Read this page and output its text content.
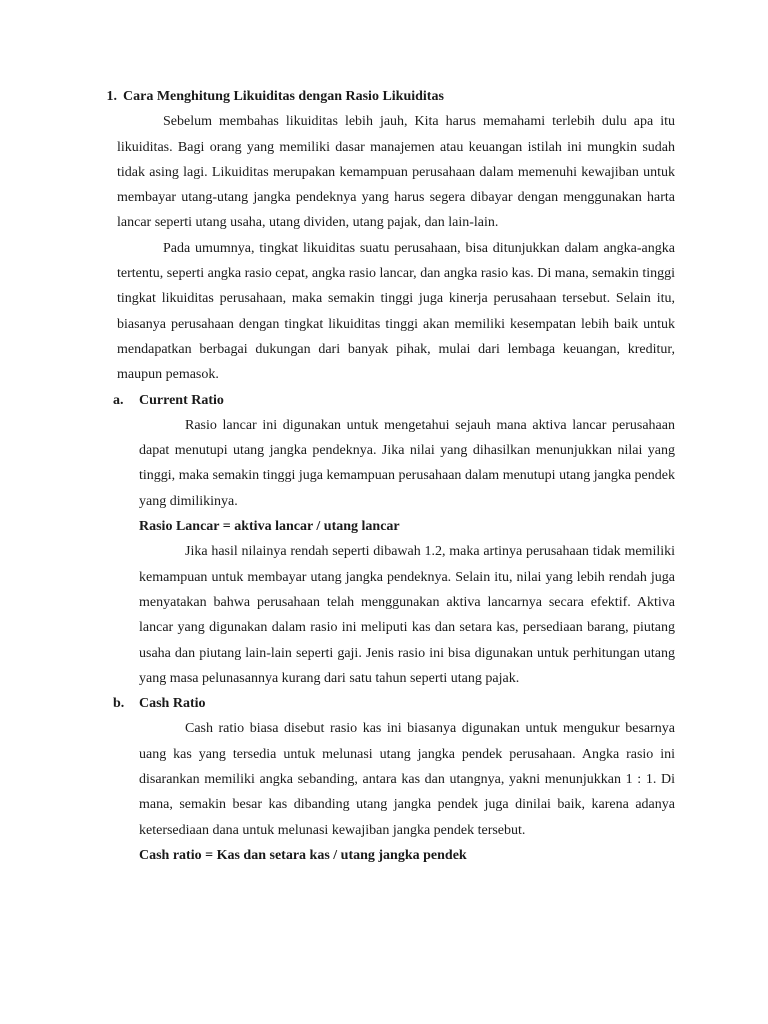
1. Cara Menghitung Likuiditas dengan Rasio Likuiditas

Sebelum membahas likuiditas lebih jauh, Kita harus memahami terlebih dulu apa itu likuiditas. Bagi orang yang memiliki dasar manajemen atau keuangan istilah ini mungkin sudah tidak asing lagi. Likuiditas merupakan kemampuan perusahaan dalam memenuhi kewajiban untuk membayar utang-utang jangka pendeknya yang harus segera dibayar dengan menggunakan harta lancar seperti utang usaha, utang dividen, utang pajak, dan lain-lain.

Pada umumnya, tingkat likuiditas suatu perusahaan, bisa ditunjukkan dalam angka-angka tertentu, seperti angka rasio cepat, angka rasio lancar, dan angka rasio kas. Di mana, semakin tinggi tingkat likuiditas perusahaan, maka semakin tinggi juga kinerja perusahaan tersebut. Selain itu, biasanya perusahaan dengan tingkat likuiditas tinggi akan memiliki kesempatan lebih baik untuk mendapatkan berbagai dukungan dari banyak pihak, mulai dari lembaga keuangan, kreditur, maupun pemasok.

a.	Current Ratio

Rasio lancar ini digunakan untuk mengetahui sejauh mana aktiva lancar perusahaan dapat menutupi utang jangka pendeknya. Jika nilai yang dihasilkan menunjukkan nilai yang tinggi, maka semakin tinggi juga kemampuan perusahaan dalam menutupi utang jangka pendek yang dimilikinya.

Rasio Lancar = aktiva lancar / utang lancar

Jika hasil nilainya rendah seperti dibawah 1.2, maka artinya perusahaan tidak memiliki kemampuan untuk membayar utang jangka pendeknya. Selain itu, nilai yang lebih rendah juga menyatakan bahwa perusahaan telah menggunakan aktiva lancarnya secara efektif. Aktiva lancar yang digunakan dalam rasio ini meliputi kas dan setara kas, persediaan barang, piutang usaha dan piutang lain-lain seperti gaji. Jenis rasio ini bisa digunakan untuk perhitungan utang yang masa pelunasannya kurang dari satu tahun seperti utang pajak.

b.	Cash Ratio

Cash ratio biasa disebut rasio kas ini biasanya digunakan untuk mengukur besarnya uang kas yang tersedia untuk melunasi utang jangka pendek perusahaan. Angka rasio ini disarankan memiliki angka sebanding, antara kas dan utangnya, yakni menunjukkan 1 : 1. Di mana, semakin besar kas dibanding utang jangka pendek juga dinilai baik, karena adanya ketersediaan dana untuk melunasi kewajiban jangka pendek tersebut.

Cash ratio = Kas dan setara kas / utang jangka pendek
